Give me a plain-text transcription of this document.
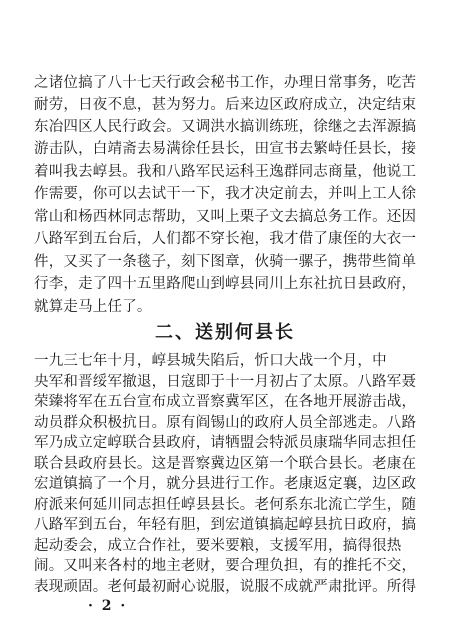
之诸位搞了八十七天行政会秘书工作，办理日常事务，吃苦
耐劳，日夜不息，甚为努力。后来边区政府成立，决定结束
东冶四区人民行政会。又调洪水搞训练班，徐继之去浑源搞
游击队，白靖斋去易满徐任县长，田宣书去繁峙任县长，接
着叫我去崞县。我和八路军民运科王逸群同志商量，他说工
作需要，你可以去试干一下，我才决定前去，并叫上工人徐
常山和杨西林同志帮助，又叫上栗子文去搞总务工作。还因
八路军到五台后，人们都不穿长袍，我才借了康侄的大衣一
件，又买了一条毯子，刻下图章，伙骑一骡子，携带些简单
行李，走了四十五里路爬山到崞县同川上东社抗日县政府，
就算走马上任了。
二、送别何县长
一九三七年十月，崞县城失陷后，忻口大战一个月，中
央军和晋绥军撤退，日寇即于十一月初占了太原。八路军聂
荣臻将军在五台宣布成立晋察冀军区，在各地开展游击战，
动员群众积极抗日。原有阎锡山的政府人员全部逃走。八路
军乃成立定崞联合县政府，请牺盟会特派员康瑞华同志担任
联合县政府县长。这是晋察冀边区第一个联合县长。老康在
宏道镇搞了一个月，就分县进行工作。老康返定襄，边区政
府派来何延川同志担任崞县县长。老何系东北流亡学生，随
八路军到五台，年轻有胆，到宏道镇搞起崞县抗日政府，搞
起动委会，成立合作社，要米要粮，支援军用，搞得很热
闹。又叫来各村的地主老财，要合理负担，有的推托不交，
· 2 ·
表现顽固。老何最初耐心说服，说服不成就严肃批评。所得
